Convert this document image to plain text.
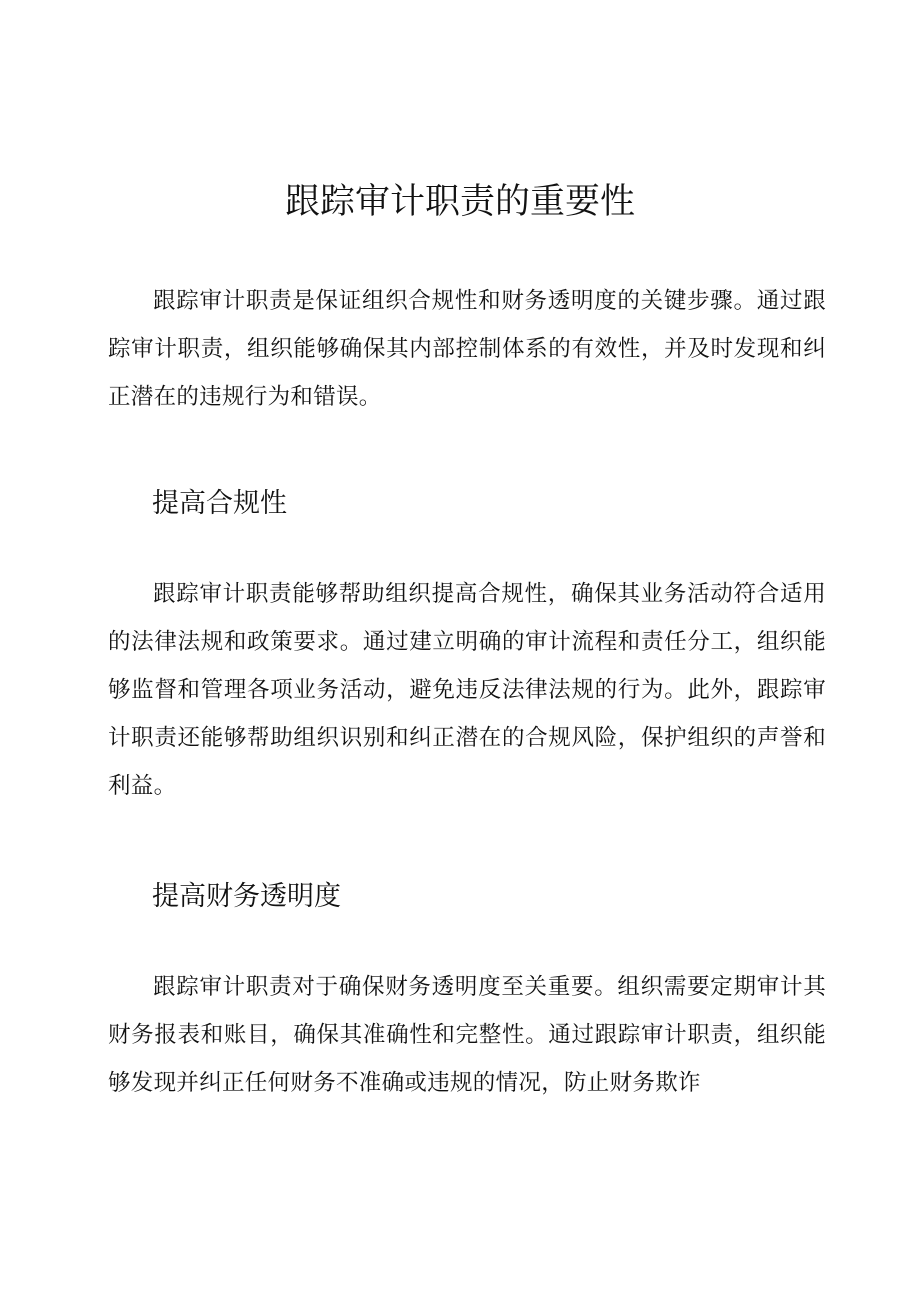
跟踪审计职责的重要性

跟踪审计职责是保证组织合规性和财务透明度的关键步骤。通过跟踪审计职责，组织能够确保其内部控制体系的有效性，并及时发现和纠正潜在的违规行为和错误。

提高合规性

跟踪审计职责能够帮助组织提高合规性，确保其业务活动符合适用的法律法规和政策要求。通过建立明确的审计流程和责任分工，组织能够监督和管理各项业务活动，避免违反法律法规的行为。此外，跟踪审计职责还能够帮助组织识别和纠正潜在的合规风险，保护组织的声誉和利益。

提高财务透明度

跟踪审计职责对于确保财务透明度至关重要。组织需要定期审计其财务报表和账目，确保其准确性和完整性。通过跟踪审计职责，组织能够发现并纠正任何财务不准确或违规的情况，防止财务欺诈
